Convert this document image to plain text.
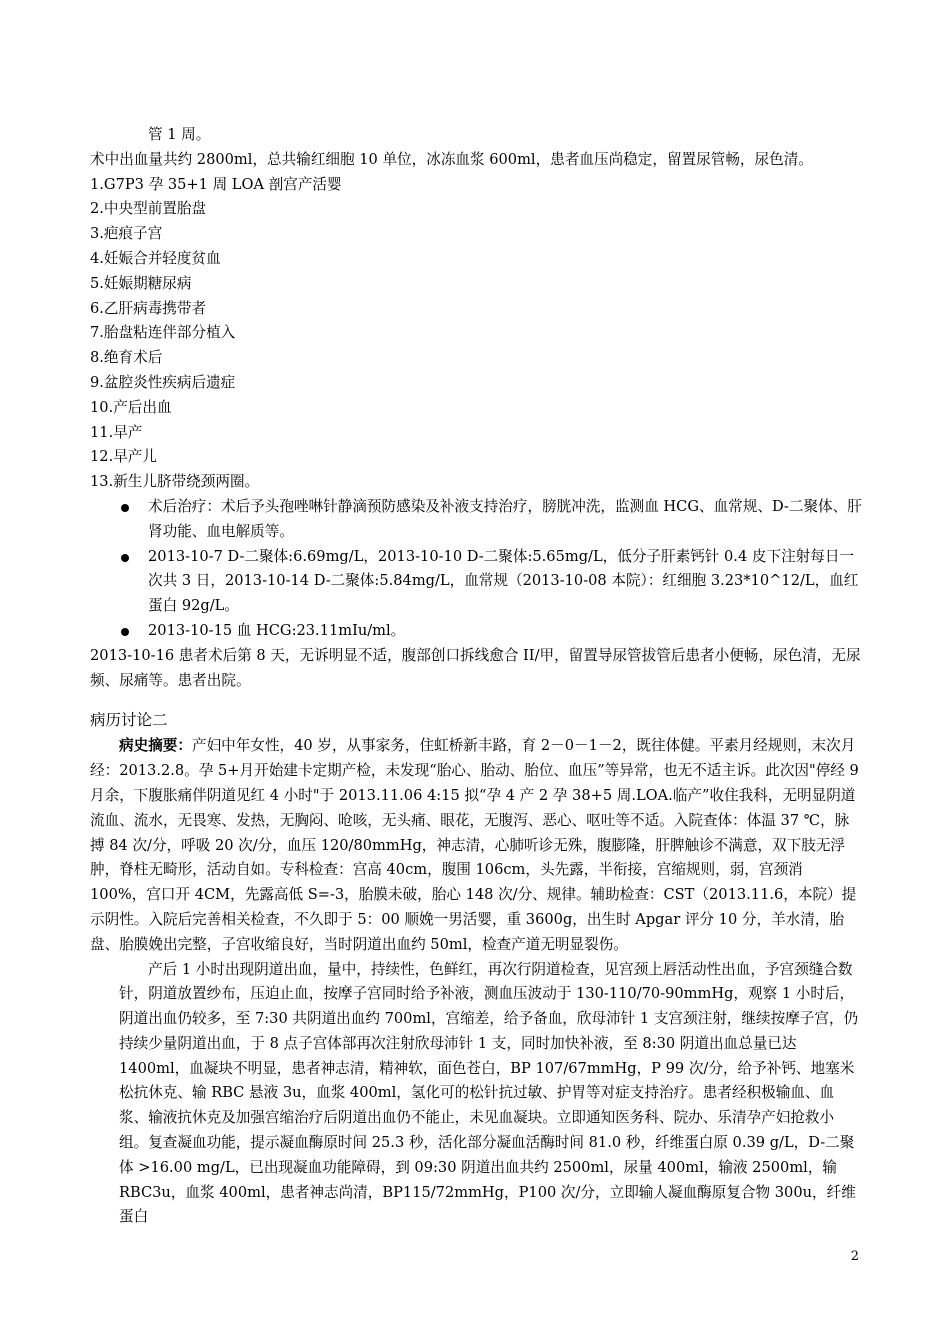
管 1 周。

术中出血量共约 2800ml，总共输红细胞 10 单位，冰冻血浆 600ml，患者血压尚稳定，留置尿管畅，尿色清。

1.G7P3 孕 35+1 周 LOA 剖宫产活婴

2.中央型前置胎盘

3.疤痕子宫

4.妊娠合并轻度贫血

5.妊娠期糖尿病

6.乙肝病毒携带者

7.胎盘粘连伴部分植入

8.绝育术后

9.盆腔炎性疾病后遗症

10.产后出血

11.早产

12.早产儿

13.新生儿脐带绕颈两圈。

术后治疗：术后予头孢唑啉针静滴预防感染及补液支持治疗，膀胱冲洗，监测血 HCG、血常规、D-二聚体、肝肾功能、血电解质等。
2013-10-7 D-二聚体:6.69mg/L，2013-10-10 D-二聚体:5.65mg/L，低分子肝素钙针 0.4 皮下注射每日一次共 3 日，2013-10-14 D-二聚体:5.84mg/L，血常规（2013-10-08 本院）：红细胞 3.23*10^12/L，血红蛋白 92g/L。
2013-10-15 血 HCG:23.11mIu/ml。

2013-10-16 患者术后第 8 天，无诉明显不适，腹部创口拆线愈合 II/甲，留置导尿管拔管后患者小便畅，尿色清，无尿频、尿痛等。患者出院。

病历讨论二

病史摘要：产妇中年女性，40 岁，从事家务，住虹桥新丰路，育 2－0－1－2，既往体健。平素月经规则，末次月经：2013.2.8。孕 5+月开始建卡定期产检，未发现“胎心、胎动、胎位、血压”等异常，也无不适主诉。此次因"停经 9 月余，下腹胀痛伴阴道见红 4 小时"于 2013.11.06 4:15 拟“孕 4 产 2 孕 38+5 周.LOA.临产”收住我科，无明显阴道流血、流水，无畏寒、发热，无胸闷、呛咳，无头痛、眼花，无腹泻、恶心、呕吐等不适。入院查体：体温 37 ℃，脉搏 84 次/分，呼吸 20 次/分，血压 120/80mmHg，神志清，心肺听诊无殊，腹膨隆，肝脾触诊不满意，双下肢无浮肿，脊柱无畸形，活动自如。专科检查：宫高 40cm，腹围 106cm，头先露，半衔接，宫缩规则，弱，宫颈消 100%，宫口开 4CM，先露高低 S=-3，胎膜未破，胎心 148 次/分、规律。辅助检查：CST（2013.11.6，本院）提示阴性。入院后完善相关检查，不久即于 5：00 顺娩一男活婴，重 3600g，出生时 Apgar 评分 10 分，羊水清，胎盘、胎膜娩出完整，子宫收缩良好，当时阴道出血约 50ml，检查产道无明显裂伤。

产后 1 小时出现阴道出血，量中，持续性，色鲜红，再次行阴道检查，见宫颈上唇活动性出血，予宫颈缝合数针，阴道放置纱布，压迫止血，按摩子宫同时给予补液，测血压波动于 130-110/70-90mmHg，观察 1 小时后，阴道出血仍较多，至 7:30 共阴道出血约 700ml，宫缩差，给予备血，欣母沛针 1 支宫颈注射，继续按摩子宫，仍持续少量阴道出血，于 8 点子宫体部再次注射欣母沛针 1 支，同时加快补液，至 8:30 阴道出血总量已达 1400ml，血凝块不明显，患者神志清，精神软，面色苍白，BP 107/67mmHg，P 99 次/分，给予补钙、地塞米松抗休克、输 RBC 悬液 3u，血浆 400ml，氢化可的松针抗过敏、护胃等对症支持治疗。患者经积极输血、血浆、输液抗休克及加强宫缩治疗后阴道出血仍不能止，未见血凝块。立即通知医务科、院办、乐清孕产妇抢救小组。复查凝血功能，提示凝血酶原时间 25.3 秒，活化部分凝血活酶时间 81.0 秒，纤维蛋白原 0.39 g/L，D-二聚体 >16.00 mg/L，已出现凝血功能障碍，到 09:30 阴道出血共约 2500ml，尿量 400ml，输液 2500ml，输 RBC3u，血浆 400ml，患者神志尚清，BP115/72mmHg，P100 次/分，立即输人凝血酶原复合物 300u，纤维蛋白

2
